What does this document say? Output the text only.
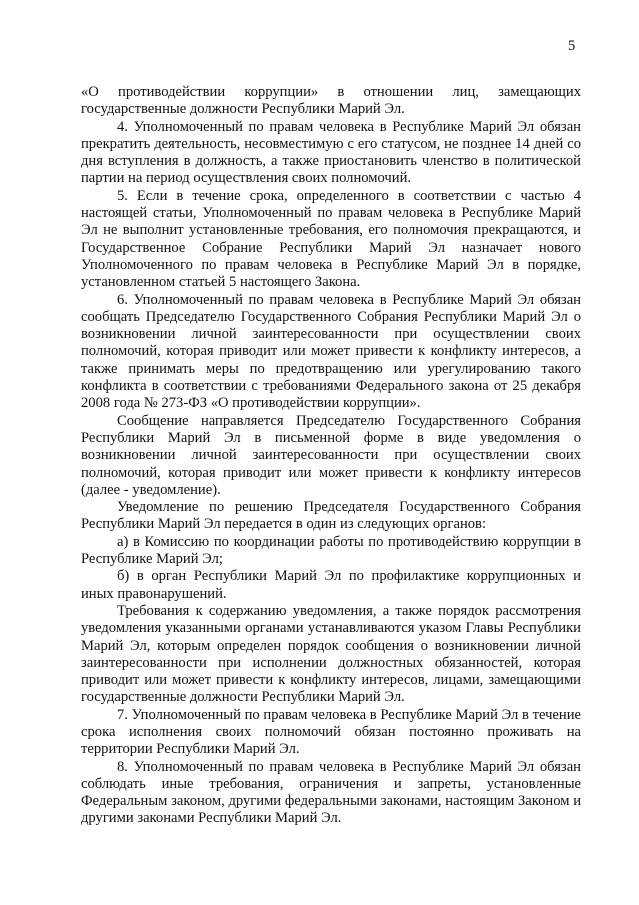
5

«О противодействии коррупции» в отношении лиц, замещающих государственные должности Республики Марий Эл.

4. Уполномоченный по правам человека в Республике Марий Эл обязан прекратить деятельность, несовместимую с его статусом, не позднее 14 дней со дня вступления в должность, а также приостановить членство в политической партии на период осуществления своих полномочий.

5. Если в течение срока, определенного в соответствии с частью 4 настоящей статьи, Уполномоченный по правам человека в Республике Марий Эл не выполнит установленные требования, его полномочия прекращаются, и Государственное Собрание Республики Марий Эл назначает нового Уполномоченного по правам человека в Республике Марий Эл в порядке, установленном статьей 5 настоящего Закона.

6. Уполномоченный по правам человека в Республике Марий Эл обязан сообщать Председателю Государственного Собрания Республики Марий Эл о возникновении личной заинтересованности при осуществлении своих полномочий, которая приводит или может привести к конфликту интересов, а также принимать меры по предотвращению или урегулированию такого конфликта в соответствии с требованиями Федерального закона от 25 декабря 2008 года № 273-ФЗ «О противодействии коррупции».

Сообщение направляется Председателю Государственного Собрания Республики Марий Эл в письменной форме в виде уведомления о возникновении личной заинтересованности при осуществлении своих полномочий, которая приводит или может привести к конфликту интересов (далее - уведомление).

Уведомление по решению Председателя Государственного Собрания Республики Марий Эл передается в один из следующих органов:

а) в Комиссию по координации работы по противодействию коррупции в Республике Марий Эл;

б) в орган Республики Марий Эл по профилактике коррупционных и иных правонарушений.

Требования к содержанию уведомления, а также порядок рассмотрения уведомления указанными органами устанавливаются указом Главы Республики Марий Эл, которым определен порядок сообщения о возникновении личной заинтересованности при исполнении должностных обязанностей, которая приводит или может привести к конфликту интересов, лицами, замещающими государственные должности Республики Марий Эл.

7. Уполномоченный по правам человека в Республике Марий Эл в течение срока исполнения своих полномочий обязан постоянно проживать на территории Республики Марий Эл.

8. Уполномоченный по правам человека в Республике Марий Эл обязан соблюдать иные требования, ограничения и запреты, установленные Федеральным законом, другими федеральными законами, настоящим Законом и другими законами Республики Марий Эл.
